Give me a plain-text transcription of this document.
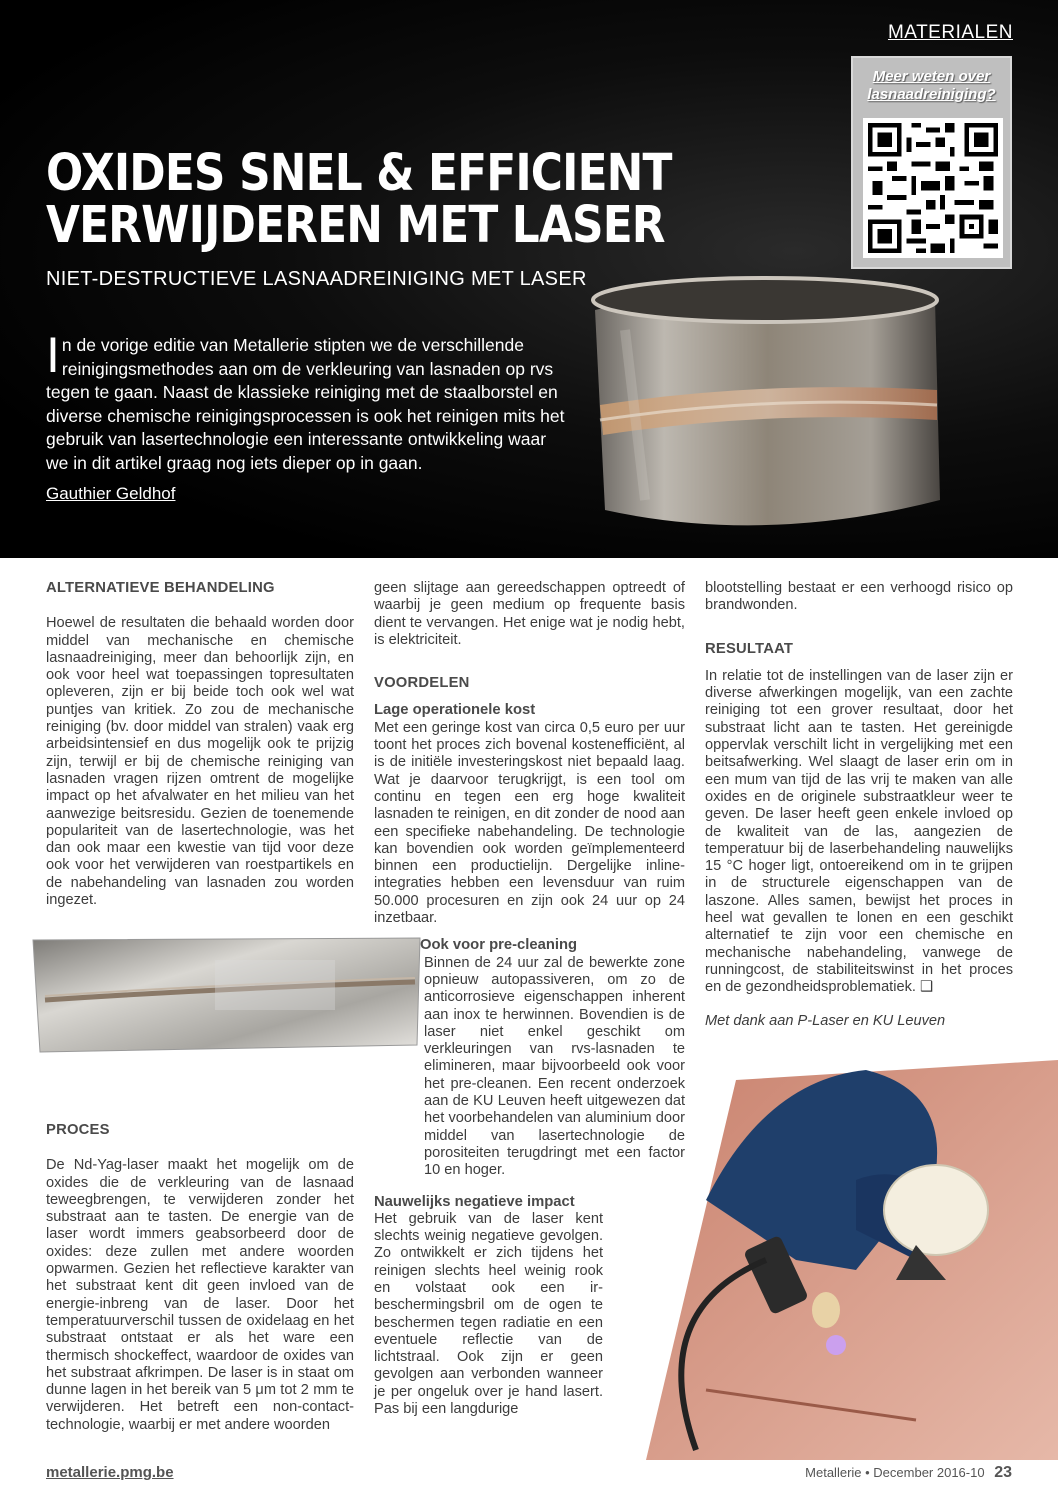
MATERIALEN
Meer weten over
lasnaadreiniging?
OXIDES SNEL & EFFICIENT
VERWIJDEREN MET LASER
NIET-DESTRUCTIEVE LASNAADREINIGING MET LASER
I n de vorige editie van Metallerie stipten we de verschillende reinigingsmethodes aan om de verkleuring van lasnaden op rvs tegen te gaan. Naast de klassieke reiniging met de staalborstel en diverse chemische reinigingsprocessen is ook het reinigen mits het gebruik van lasertechnologie een interessante ontwikkeling waar we in dit artikel graag nog iets dieper op in gaan.
Gauthier Geldhof
ALTERNATIEVE BEHANDELING

Hoewel de resultaten die behaald worden door middel van mechanische en chemische lasnaadreiniging, meer dan behoorlijk zijn, en ook voor heel wat toepassingen topresultaten opleveren, zijn er bij beide toch ook wel wat puntjes van kritiek. Zo zou de mechanische reiniging (bv. door middel van stralen) vaak erg arbeidsintensief en dus mogelijk ook te prijzig zijn, terwijl er bij de chemische reiniging van lasnaden vragen rijzen omtrent de mogelijke impact op het afvalwater en het milieu van het aanwezige beitsresidu. Gezien de toenemende populariteit van de lasertechnologie, was het dan ook maar een kwestie van tijd voor deze ook voor het verwijderen van roestpartikels en de nabehandeling van lasnaden zou worden ingezet.

PROCES

De Nd-Yag-laser maakt het mogelijk om de oxides die de verkleuring van de lasnaad teweegbrengen, te verwijderen zonder het substraat aan te tasten. De energie van de laser wordt immers geabsorbeerd door de oxides: deze zullen met andere woorden opwarmen. Gezien het reflectieve karakter van het substraat kent dit geen invloed van de energie-inbreng van de laser. Door het temperatuurverschil tussen de oxidelaag en het substraat ontstaat er als het ware een thermisch shockeffect, waardoor de oxides van het substraat afkrimpen. De laser is in staat om dunne lagen in het bereik van 5 μm tot 2 mm te verwijderen. Het betreft een non-contact-technologie, waarbij er met andere woorden

geen slijtage aan gereedschappen optreedt of waarbij je geen medium op frequente basis dient te vervangen. Het enige wat je nodig hebt, is elektriciteit.

VOORDELEN
Lage operationele kost

Met een geringe kost van circa 0,5 euro per uur toont het proces zich bovenal kostenefficiënt, al is de initiële investeringskost niet bepaald laag. Wat je daarvoor terugkrijgt, is een tool om continu en tegen een erg hoge kwaliteit lasnaden te reinigen, en dit zonder de nood aan een specifieke nabehandeling. De technologie kan bovendien ook worden geïmplementeerd binnen een productielijn. Dergelijke inline-integraties hebben een levensduur van ruim 50.000 procesuren en zijn ook 24 uur op 24 inzetbaar.

Ook voor pre-cleaning

Binnen de 24 uur zal de bewerkte zone opnieuw autopassiveren, om zo de anticorrosieve eigenschappen inherent aan inox te herwinnen. Bovendien is de laser niet enkel geschikt om verkleuringen van rvs-lasnaden te elimineren, maar bijvoorbeeld ook voor het pre-cleanen. Een recent onderzoek aan de KU Leuven heeft uitgewezen dat het voorbehandelen van aluminium door middel van lasertechnologie de porositeiten terugdringt met een factor 10 en hoger.

Nauwelijks negatieve impact

Het gebruik van de laser kent slechts weinig negatieve gevolgen. Zo ontwikkelt er zich tijdens het reinigen slechts heel weinig rook en volstaat ook een ir-beschermingsbril om de ogen te beschermen tegen radiatie en een eventuele reflectie van de lichtstraal. Ook zijn er geen gevolgen aan verbonden wanneer je per ongeluk over je hand lasert. Pas bij een langdurige

blootstelling bestaat er een verhoogd risico op brandwonden.

RESULTAAT

In relatie tot de instellingen van de laser zijn er diverse afwerkingen mogelijk, van een zachte reiniging tot een grover resultaat, door het substraat licht aan te tasten. Het gereinigde oppervlak verschilt licht in vergelijking met een beitsafwerking. Wel slaagt de laser erin om in een mum van tijd de las vrij te maken van alle oxides en de originele substraatkleur weer te geven. De laser heeft geen enkele invloed op de kwaliteit van de las, aangezien de temperatuur bij de laserbehandeling nauwelijks 15 °C hoger ligt, ontoereikend om in te grijpen in de structurele eigenschappen van de laszone. Alles samen, bewijst het proces in heel wat gevallen te lonen en een geschikt alternatief te zijn voor een chemische en mechanische nabehandeling, vanwege de runningcost, de stabiliteitswinst in het proces en de gezondheidsproblematiek. ❑

Met dank aan P-Laser en KU Leuven

metallerie.pmg.be	Metallerie • December 2016-10 23
